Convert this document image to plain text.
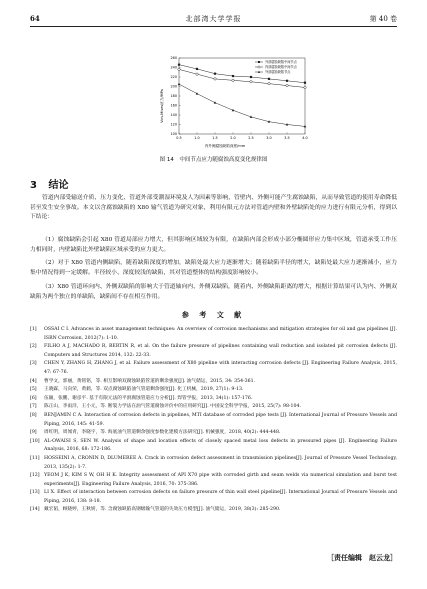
64	北部湾大学学报	第 40 卷
100
120
140
160
180
200
220
240
260
0.5	1.0	1.5	2.0	2.5	3.0	3.5	4.0
外部腐蚀缺陷中间节点
内部腐蚀缺陷中间节点
外部腐蚀缺陷节点
Von-Mises应力/MPa
内外侧腐蚀缺陷深度/mm
图 14　中间节点应力随腐蚀高度变化规律图
3 结论
管道内部受输送介质、压力变化、管道外部受潮湿环境及人为因素等影响，管壁内、外侧可能产生腐蚀缺陷，从而导致管道的使用寿命降低甚至发生安全事故。本文以含腐蚀缺陷的 X80 输气管道为研究对象，利用有限元方法对管道内壁和外壁缺陷处的应力进行有限元分析，得到以下结论：
（1）腐蚀缺陷会引起 X80 管道局部应力增大，但其影响区域较为有限，在缺陷内部会形成小部分椭圆形应力集中区域，管道承受工作压力相同时，内壁缺陷比外壁缺陷区域承受的应力更大。
（2）对于 X80 管道内侧缺陷，随着缺陷深度的增加，缺陷处最大应力逐渐增大；随着缺陷半径的增大，缺陷处最大应力逐渐减小，应力集中情况得到一定缓解。半径较小、深度较浅的缺陷，其对管道整体的结构强度影响较小。
（3）X80 管道环向内、外侧双缺陷的影响大于管道轴向内、外侧双缺陷，随着内、外侧缺陷距离的增大，根据计算结果可认为内、外侧双缺陷为两个独立的单缺陷，缺陷间不存在相互作用。
参 考 文 献
[1] OSSAI C I. Advances in asset management techniques: An overview of corrosion mechanisms and mitigation strategies for oil and gas pipelines [J]. ISRN Corrosion, 2012(7): 1-10.
[2] FILHO A J, MACHADO R, BERTIN R, et al. On the failure pressure of pipelines containing wall reduction and isolated pit corrosion defects [J]. Computers and Structures 2014, 132: 22-33.
[3] CHEN Y, ZHANG H, ZHANG J, et al. Failure assessment of X80 pipeline with interacting corrosion defects [J]. Engineering Failure Analysis, 2015, 47: 67-76.
[4] 曹学文，郭丽，黄铭铭，等. 相互影响双腐蚀缺陷管道的剩余强度[J]. 油气储运，2015, 34: 354-361.
[5] 王晓霖，马向荣，黄鹤，等. 双点腐蚀缺陷油气管道剩余强度[J]. 化工机械，2019, 27(1): 9-13.
[6] 伍颖，张鹏，谢彦平. 基于有限元法的平滑腐蚀管道应力分析[J]. 焊管学报，2013, 34(1): 157-176.
[7] 陈正山，李雨洋，王小元，等. 断裂力学法在油气管道腐蚀评价中的应用研究[J]. 中国安全科学学报，2015, 25(7): 98-104.
[8] BENJAMIN C A. Interaction of corrosion defects in pipelines, MTI database of corroded pipe tests [J]. International Journal of Pressure Vessels and Piping, 2016, 145: 41-59.
[9] 周红明，周闻青，李晓宇，等. 海底油气管道剩余强度参数化建模方法研究[J]. 机械强度，2018, 40(2): 444-448.
[10] AL-OWAISI S, SEN W. Analysis of shape and location effects of closely spaced metal loss defects in pressured pipes [J]. Engineering Failure Analysis, 2016, 68: 172-186.
[11] HOSSEINI A, CRONIN D, DLUMEREE A. Crack in corrosion defect assessment in transmission pipelines[J]. Journal of Pressure Vessel Technology, 2013, 135(2): 1-7.
[12] YEOM J K, KIM S W, OH H K. Integrity assessment of API X70 pipe with corroded girth and seam welds via numerical simulation and burst test experiments[J]. Engineering Failure Analysis, 2016, 70: 375-386.
[13] LI X. Effect of interaction between corrosion defects on failure pressure of thin wall steel pipeline[J]. International Journal of Pressure Vessels and Piping, 2016, 138: 8-18.
[14] 戴宏韬，顾晓婷，王秋妍，等. 含腐蚀缺陷高钢级输气管道的失效压力模型[J]. 油气储运，2019, 38(3): 285-290.
［责任编辑　赵云龙］
